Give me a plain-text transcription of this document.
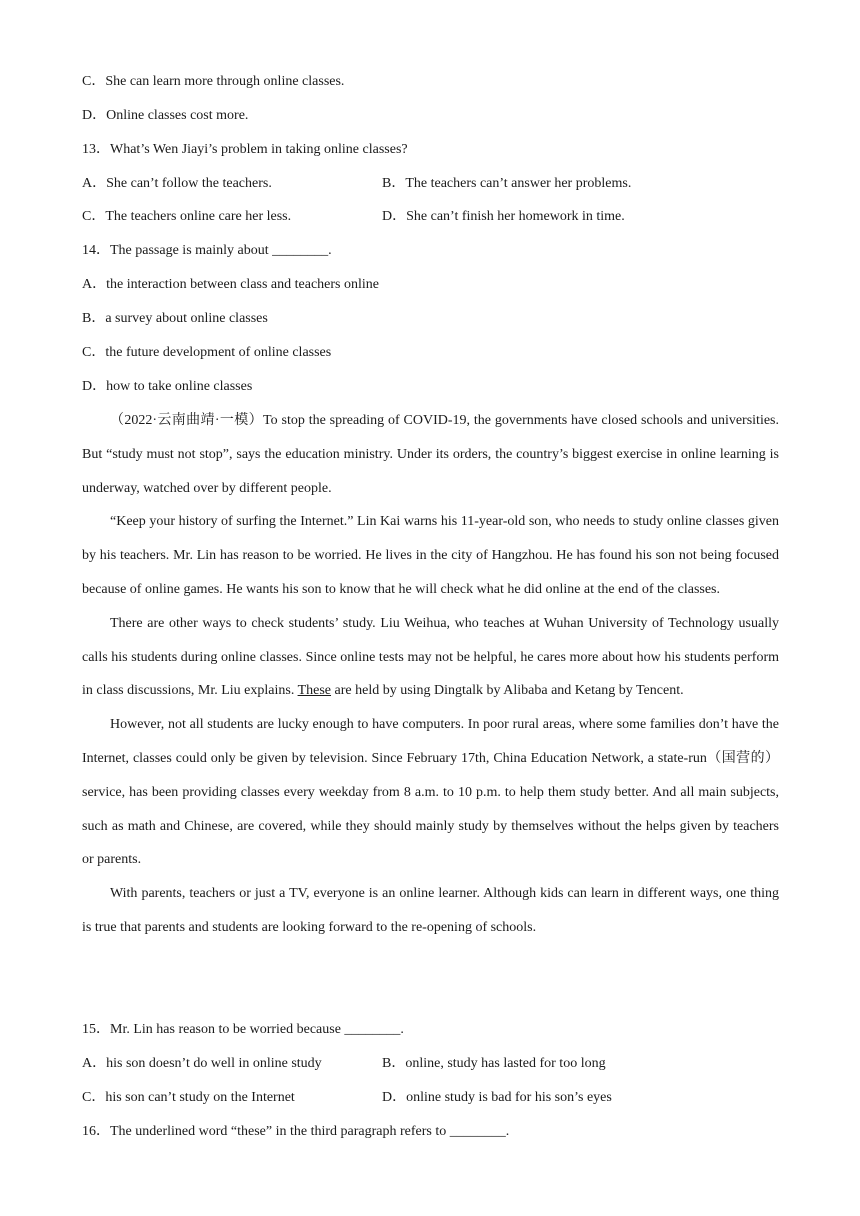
C．She can learn more through online classes.
D．Online classes cost more.
13．What’s Wen Jiayi’s problem in taking online classes?
A．She can’t follow the teachers.	B．The teachers can’t answer her problems.
C．The teachers online care her less.	D．She can’t finish her homework in time.
14．The passage is mainly about ________.
A．the interaction between class and teachers online
B．a survey about online classes
C．the future development of online classes
D．how to take online classes

（2022·云南曲靖·一模）To stop the spreading of COVID-19, the governments have closed schools and universities. But “study must not stop”, says the education ministry. Under its orders, the country’s biggest exercise in online learning is underway, watched over by different people.

“Keep your history of surfing the Internet.” Lin Kai warns his 11-year-old son, who needs to study online classes given by his teachers. Mr. Lin has reason to be worried. He lives in the city of Hangzhou. He has found his son not being focused because of online games. He wants his son to know that he will check what he did online at the end of the classes.

There are other ways to check students’ study. Liu Weihua, who teaches at Wuhan University of Technology usually calls his students during online classes. Since online tests may not be helpful, he cares more about how his students perform in class discussions, Mr. Liu explains. These are held by using Dingtalk by Alibaba and Ketang by Tencent.

However, not all students are lucky enough to have computers. In poor rural areas, where some families don’t have the Internet, classes could only be given by television. Since February 17th, China Education Network, a state-run（国营的）service, has been providing classes every weekday from 8 a.m. to 10 p.m. to help them study better. And all main subjects, such as math and Chinese, are covered, while they should mainly study by themselves without the helps given by teachers or parents.

With parents, teachers or just a TV, everyone is an online learner. Although kids can learn in different ways, one thing is true that parents and students are looking forward to the re-opening of schools.

15．Mr. Lin has reason to be worried because ________.
A．his son doesn’t do well in online study	B．online, study has lasted for too long
C．his son can’t study on the Internet	D．online study is bad for his son’s eyes
16．The underlined word “these” in the third paragraph refers to ________.
